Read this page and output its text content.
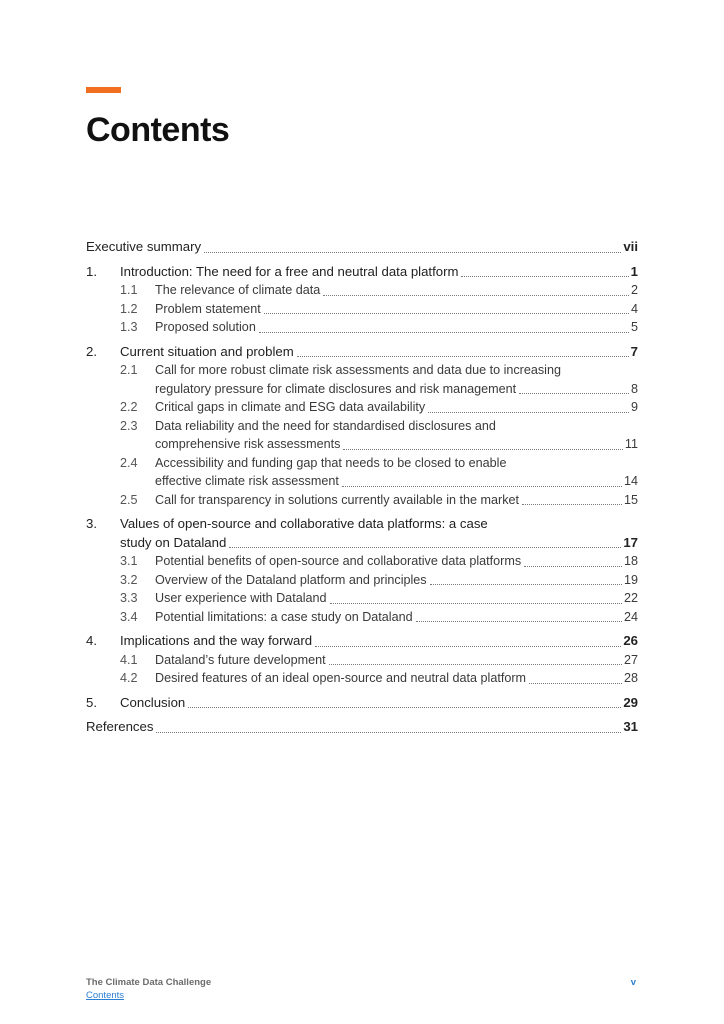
Contents
Executive summary	vii
1.	Introduction: The need for a free and neutral data platform	1
1.1	The relevance of climate data	2
1.2	Problem statement	4
1.3	Proposed solution	5
2.	Current situation and problem	7
2.1	Call for more robust climate risk assessments and data due to increasing
regulatory pressure for climate disclosures and risk management	8
2.2	Critical gaps in climate and ESG data availability	9
2.3	Data reliability and the need for standardised disclosures and
comprehensive risk assessments	11
2.4	Accessibility and funding gap that needs to be closed to enable
effective climate risk assessment	14
2.5	Call for transparency in solutions currently available in the market	15
3.	Values of open-source and collaborative data platforms: a case
study on Dataland	17
3.1	Potential benefits of open-source and collaborative data platforms	18
3.2	Overview of the Dataland platform and principles	19
3.3	User experience with Dataland	22
3.4	Potential limitations: a case study on Dataland	24
4.	Implications and the way forward	26
4.1	Dataland’s future development	27
4.2	Desired features of an ideal open-source and neutral data platform	28
5.	Conclusion	29
References	31
The Climate Data Challenge
Contents
v
